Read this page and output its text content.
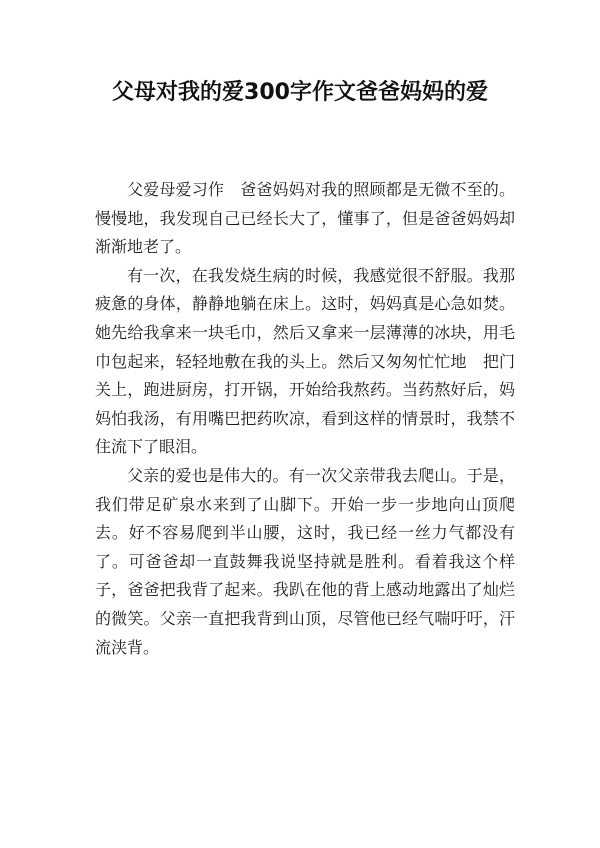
父母对我的爱300字作文爸爸妈妈的爱

父爱母爱习作　爸爸妈妈对我的照顾都是无微不至的。慢慢地，我发现自己已经长大了，懂事了，但是爸爸妈妈却渐渐地老了。

有一次，在我发烧生病的时候，我感觉很不舒服。我那疲惫的身体，静静地躺在床上。这时，妈妈真是心急如焚。她先给我拿来一块毛巾，然后又拿来一层薄薄的冰块，用毛巾包起来，轻轻地敷在我的头上。然后又匆匆忙忙地　把门关上，跑进厨房，打开锅，开始给我熬药。当药熬好后，妈妈怕我汤，有用嘴巴把药吹凉，看到这样的情景时，我禁不住流下了眼泪。

父亲的爱也是伟大的。有一次父亲带我去爬山。于是，我们带足矿泉水来到了山脚下。开始一步一步地向山顶爬去。好不容易爬到半山腰，这时，我已经一丝力气都没有了。可爸爸却一直鼓舞我说坚持就是胜利。看着我这个样子，爸爸把我背了起来。我趴在他的背上感动地露出了灿烂的微笑。父亲一直把我背到山顶，尽管他已经气喘吁吁，汗流浃背。
